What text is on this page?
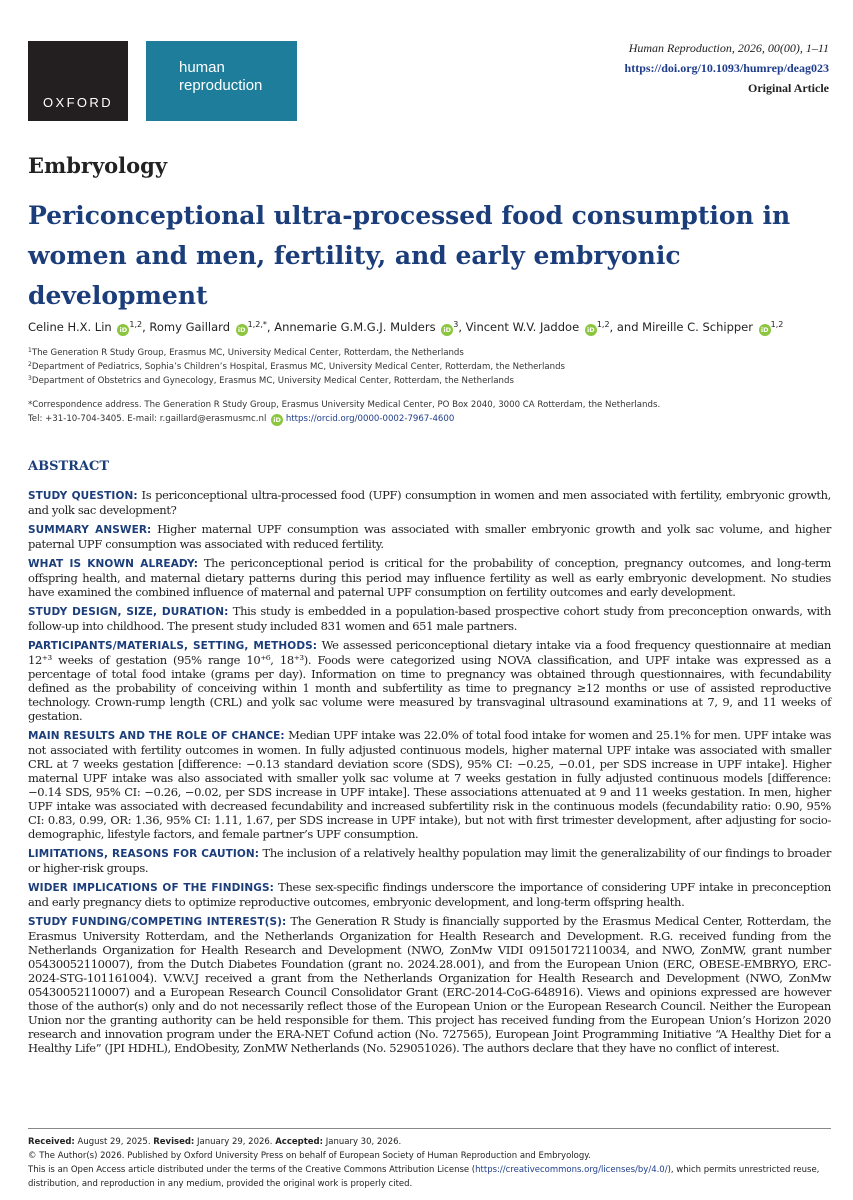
OXFORD
human
reproduction
Human Reproduction, 2026, 00(00), 1–11
https://doi.org/10.1093/humrep/deag023
Original Article
Embryology
Periconceptional ultra-processed food consumption in women and men, fertility, and early embryonic development
Celine H.X. Lin iD$^{1,2}$, Romy Gaillard $iD^{1,2,*}$, Annemarie G.M.G.J. Mulders $iD^3$, Vincent W.V. Jaddoe iD$^{1,2}$, and Mireille C. Schipper iD$^{1,2}$
$^1$The Generation R Study Group, Erasmus MC, University Medical Center, Rotterdam, the Netherlands
$^2$Department of Pediatrics, Sophia’s Children’s Hospital, Erasmus MC, University Medical Center, Rotterdam, the Netherlands
$^3$Department of Obstetrics and Gynecology, Erasmus MC, University Medical Center, Rotterdam, the Netherlands
*Correspondence address. The Generation R Study Group, Erasmus University Medical Center, PO Box 2040, 3000 CA Rotterdam, the Netherlands.
Tel: +31-10-704-3405. E-mail: r.gaillard@erasmusmc.nl iD https://orcid.org/0000-0002-7967-4600
ABSTRACT

STUDY QUESTION: Is periconceptional ultra-processed food (UPF) consumption in women and men associated with fertility, embryonic growth, and yolk sac development?

SUMMARY ANSWER: Higher maternal UPF consumption was associated with smaller embryonic growth and yolk sac volume, and higher paternal UPF consumption was associated with reduced fertility.

WHAT IS KNOWN ALREADY: The periconceptional period is critical for the probability of conception, pregnancy outcomes, and long-term offspring health, and maternal dietary patterns during this period may influence fertility as well as early embryonic development. No studies have examined the combined influence of maternal and paternal UPF consumption on fertility outcomes and early development.

STUDY DESIGN, SIZE, DURATION: This study is embedded in a population-based prospective cohort study from preconception onwards, with follow-up into childhood. The present study included 831 women and 651 male partners.

PARTICIPANTS/MATERIALS, SETTING, METHODS: We assessed periconceptional dietary intake via a food frequency questionnaire at median 12⁺³ weeks of gestation (95% range 10⁺⁶, 18⁺³). Foods were categorized using NOVA classification, and UPF intake was expressed as a percentage of total food intake (grams per day). Information on time to pregnancy was obtained through questionnaires, with fecundability defined as the probability of conceiving within 1 month and subfertility as time to pregnancy ≥12 months or use of assisted reproductive technology. Crown-rump length (CRL) and yolk sac volume were measured by transvaginal ultrasound examinations at 7, 9, and 11 weeks of gestation.

MAIN RESULTS AND THE ROLE OF CHANCE: Median UPF intake was 22.0% of total food intake for women and 25.1% for men. UPF intake was not associated with fertility outcomes in women. In fully adjusted continuous models, higher maternal UPF intake was associated with smaller CRL at 7 weeks gestation [difference: −0.13 standard deviation score (SDS), 95% CI: −0.25, −0.01, per SDS increase in UPF intake]. Higher maternal UPF intake was also associated with smaller yolk sac volume at 7 weeks gestation in fully adjusted continuous models [difference: −0.14 SDS, 95% CI: −0.26, −0.02, per SDS increase in UPF intake]. These associations attenuated at 9 and 11 weeks gestation. In men, higher UPF intake was associated with decreased fecundability and increased subfertility risk in the continuous models (fecundability ratio: 0.90, 95% CI: 0.83, 0.99, OR: 1.36, 95% CI: 1.11, 1.67, per SDS increase in UPF intake), but not with first trimester development, after adjusting for socio-demographic, lifestyle factors, and female partner’s UPF consumption.

LIMITATIONS, REASONS FOR CAUTION: The inclusion of a relatively healthy population may limit the generalizability of our findings to broader or higher-risk groups.

WIDER IMPLICATIONS OF THE FINDINGS: These sex-specific findings underscore the importance of considering UPF intake in preconception and early pregnancy diets to optimize reproductive outcomes, embryonic development, and long-term offspring health.

STUDY FUNDING/COMPETING INTEREST(S): The Generation R Study is financially supported by the Erasmus Medical Center, Rotterdam, the Erasmus University Rotterdam, and the Netherlands Organization for Health Research and Development. R.G. received funding from the Netherlands Organization for Health Research and Development (NWO, ZonMw VIDI 09150172110034, and NWO, ZonMW, grant number 05430052110007), from the Dutch Diabetes Foundation (grant no. 2024.28.001), and from the European Union (ERC, OBESE-EMBRYO, ERC-2024-STG-101161004). V.W.V.J received a grant from the Netherlands Organization for Health Research and Development (NWO, ZonMw 05430052110007) and a European Research Council Consolidator Grant (ERC-2014-CoG-648916). Views and opinions expressed are however those of the author(s) only and do not necessarily reflect those of the European Union or the European Research Council. Neither the European Union nor the granting authority can be held responsible for them. This project has received funding from the European Union’s Horizon 2020 research and innovation program under the ERA-NET Cofund action (No. 727565), European Joint Programming Initiative “A Healthy Diet for a Healthy Life” (JPI HDHL), EndObesity, ZonMW Netherlands (No. 529051026). The authors declare that they have no conflict of interest.

Received: August 29, 2025. Revised: January 29, 2026. Accepted: January 30, 2026.
© The Author(s) 2026. Published by Oxford University Press on behalf of European Society of Human Reproduction and Embryology.
This is an Open Access article distributed under the terms of the Creative Commons Attribution License (https://creativecommons.org/licenses/by/4.0/), which permits unrestricted reuse, distribution, and reproduction in any medium, provided the original work is properly cited.
